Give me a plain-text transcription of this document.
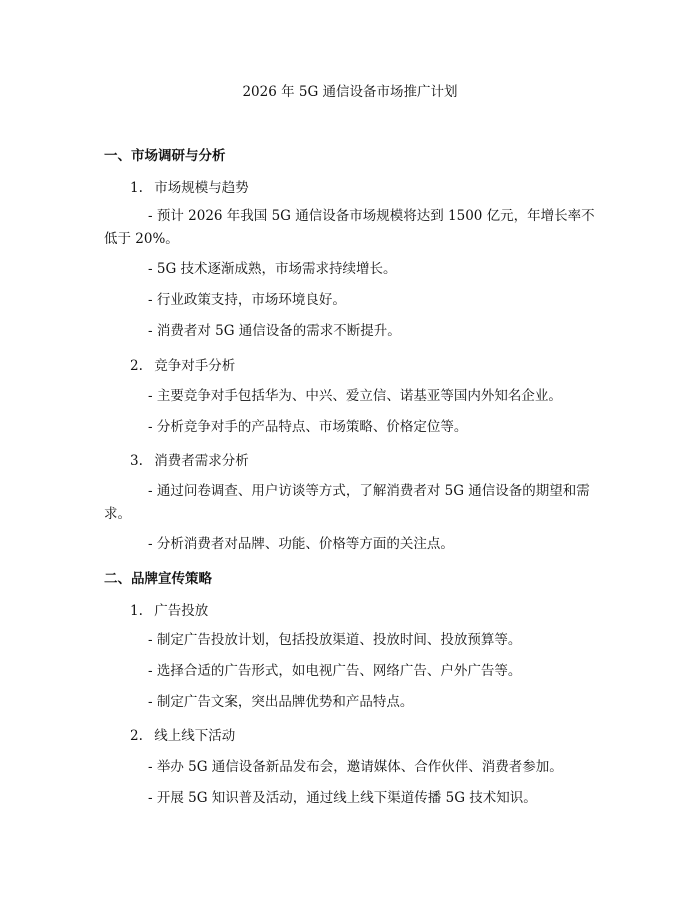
2026 年 5G 通信设备市场推广计划
一、市场调研与分析
1. 市场规模与趋势
- 预计 2026 年我国 5G 通信设备市场规模将达到 1500 亿元，年增长率不低于 20%。
- 5G 技术逐渐成熟，市场需求持续增长。
- 行业政策支持，市场环境良好。
- 消费者对 5G 通信设备的需求不断提升。
2. 竞争对手分析
- 主要竞争对手包括华为、中兴、爱立信、诺基亚等国内外知名企业。
- 分析竞争对手的产品特点、市场策略、价格定位等。
3. 消费者需求分析
- 通过问卷调查、用户访谈等方式，了解消费者对 5G 通信设备的期望和需求。
- 分析消费者对品牌、功能、价格等方面的关注点。
二、品牌宣传策略
1. 广告投放
- 制定广告投放计划，包括投放渠道、投放时间、投放预算等。
- 选择合适的广告形式，如电视广告、网络广告、户外广告等。
- 制定广告文案，突出品牌优势和产品特点。
2. 线上线下活动
- 举办 5G 通信设备新品发布会，邀请媒体、合作伙伴、消费者参加。
- 开展 5G 知识普及活动，通过线上线下渠道传播 5G 技术知识。
